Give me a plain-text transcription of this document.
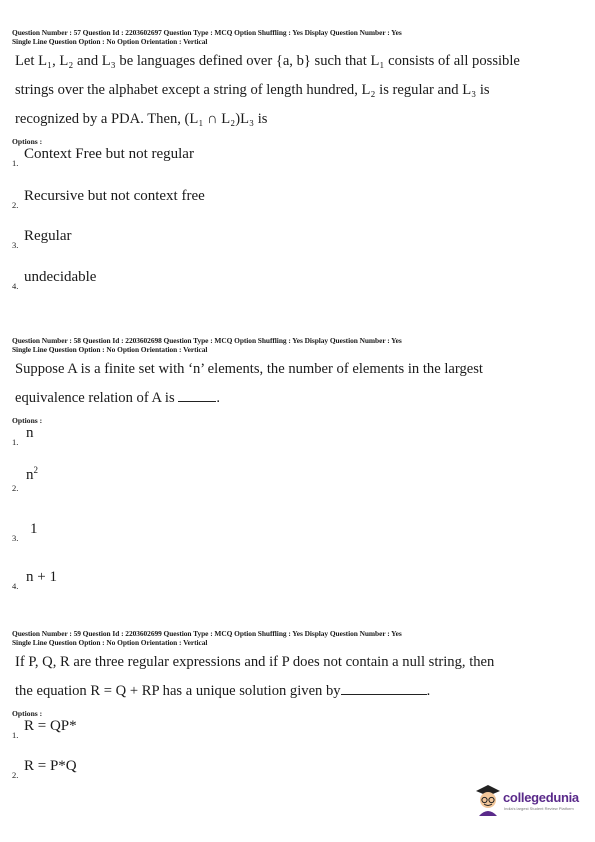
Question Number : 57 Question Id : 2203602697 Question Type : MCQ Option Shuffling : Yes Display Question Number : Yes
Single Line Question Option : No Option Orientation : Vertical
Let L₁, L₂ and L₃ be languages defined over {a, b} such that L₁ consists of all possible
strings over the alphabet except a string of length hundred, L₂ is regular and L₃ is
recognized by a PDA. Then, (L₁ ∩ L₂)L₃ is
Options :
1.
Context Free but not regular
2.
Recursive but not context free
3.
Regular
4.
undecidable
Question Number : 58 Question Id : 2203602698 Question Type : MCQ Option Shuffling : Yes Display Question Number : Yes
Single Line Question Option : No Option Orientation : Vertical
Suppose A is a finite set with ‘n’ elements, the number of elements in the largest
equivalence relation of A is	.
Options :
1.
n
2.
$n^2$
3.
1
4.
n + 1
Question Number : 59 Question Id : 2203602699 Question Type : MCQ Option Shuffling : Yes Display Question Number : Yes
Single Line Question Option : No Option Orientation : Vertical
If P, Q, R are three regular expressions and if P does not contain a null string, then
the equation R = Q + RP has a unique solution given by	.
Options :
1.
R = QP*
2.
R = P*Q
collegedunia
India's largest Student Review Platform
